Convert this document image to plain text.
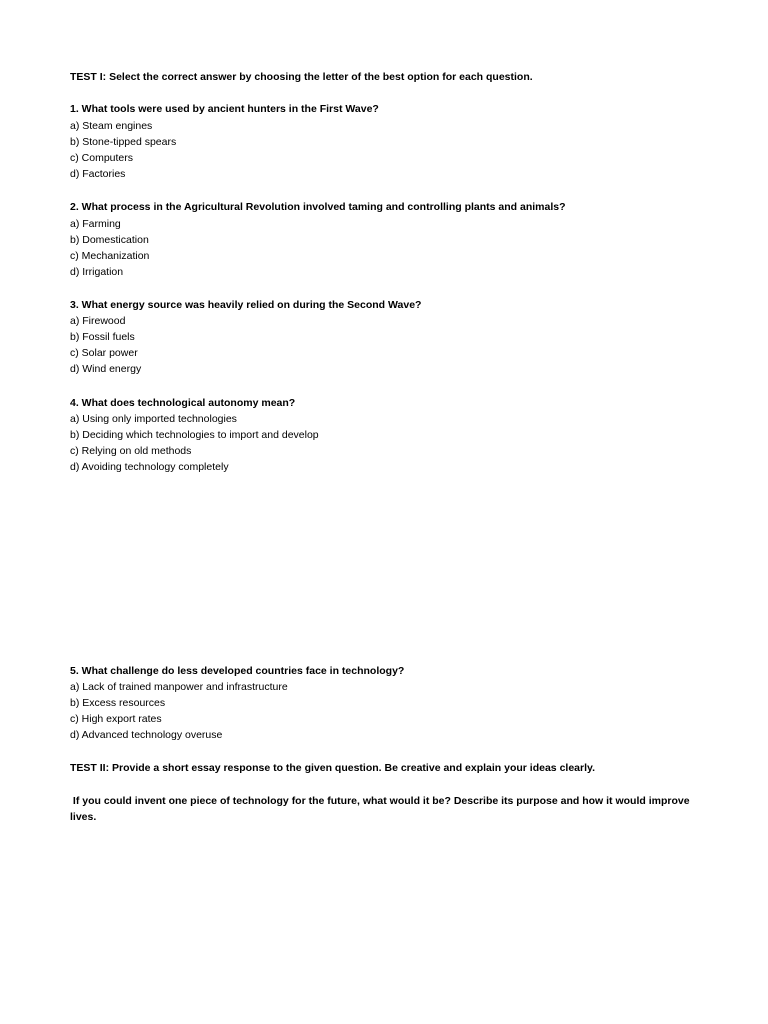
TEST I: Select the correct answer by choosing the letter of the best option for each question.
1. What tools were used by ancient hunters in the First Wave?
a) Steam engines
b) Stone-tipped spears
c) Computers
d) Factories
2. What process in the Agricultural Revolution involved taming and controlling plants and animals?
a) Farming
b) Domestication
c) Mechanization
d) Irrigation
3. What energy source was heavily relied on during the Second Wave?
a) Firewood
b) Fossil fuels
c) Solar power
d) Wind energy
4. What does technological autonomy mean?
a) Using only imported technologies
b) Deciding which technologies to import and develop
c) Relying on old methods
d) Avoiding technology completely
5. What challenge do less developed countries face in technology?
a) Lack of trained manpower and infrastructure
b) Excess resources
c) High export rates
d) Advanced technology overuse
TEST II: Provide a short essay response to the given question. Be creative and explain your ideas clearly.
If you could invent one piece of technology for the future, what would it be? Describe its purpose and how it would improve lives.
